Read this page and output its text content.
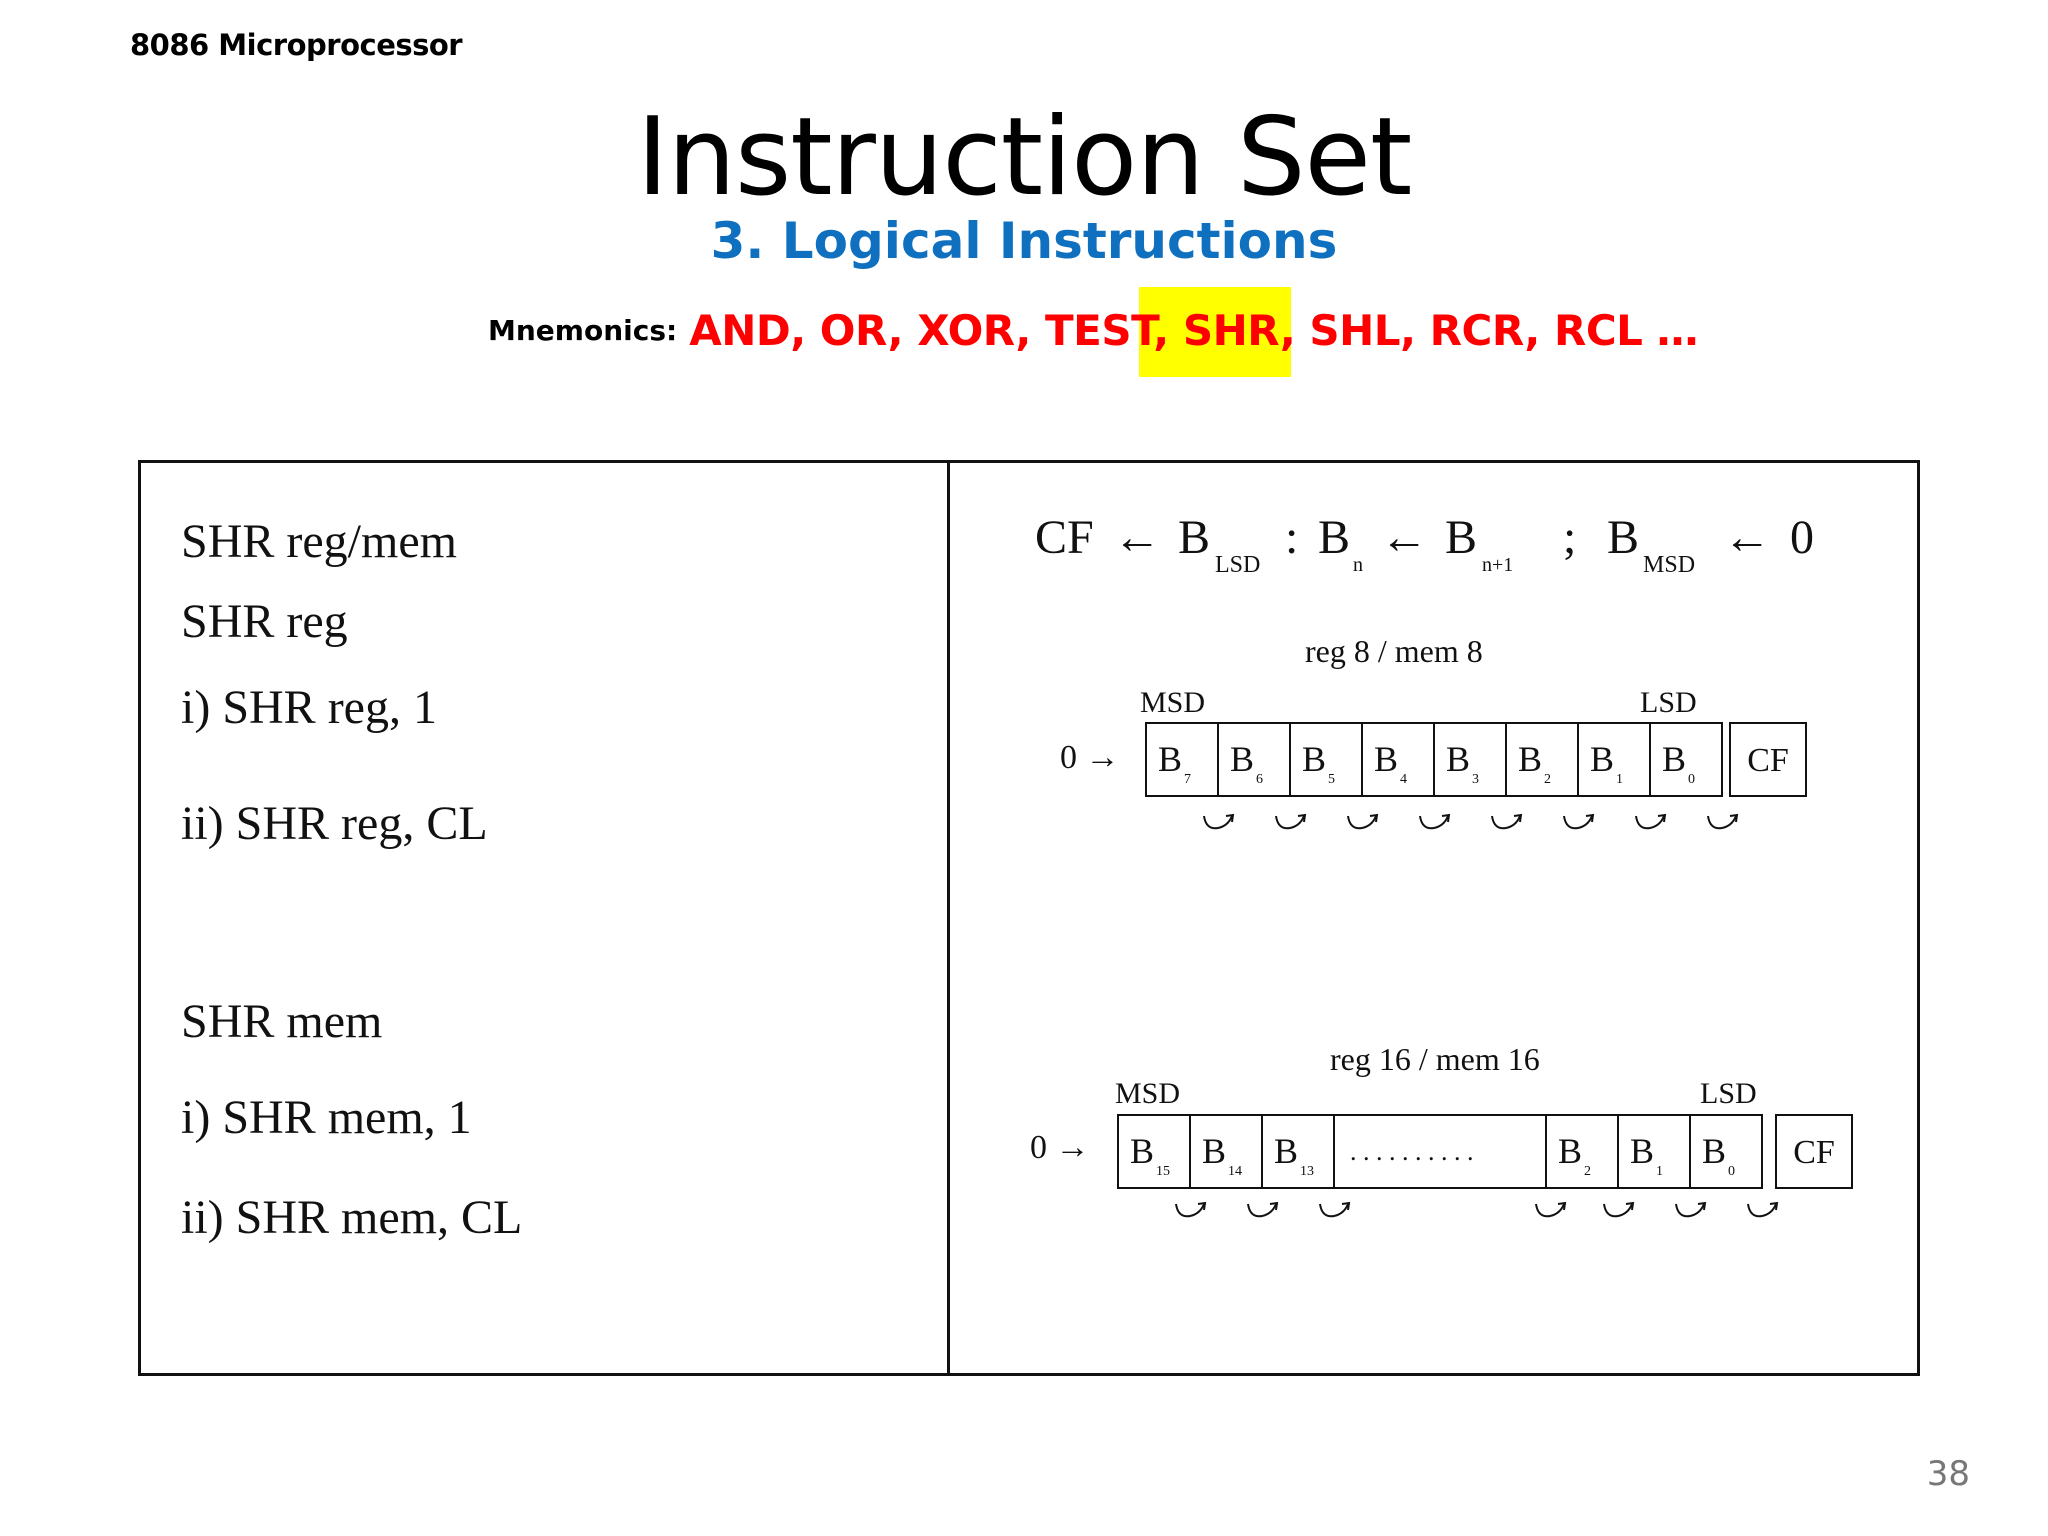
8086 Microprocessor
Instruction Set
3. Logical Instructions
Mnemonics: AND, OR, XOR, TEST, SHR, SHL, RCR, RCL …
SHR reg/mem
SHR reg
i) SHR reg, 1
ii) SHR reg, CL
SHR mem
i) SHR mem, 1
ii) SHR mem, CL
CF ← B
LSD
: B
n
← B
n+1
; B
MSD
← 0
reg 8 / mem 8
MSD	LSD
0 → B
7
B
6
B
5
B
4
B
3
B
2
B
1
B
0
CF
reg 16 / mem 16
MSD	LSD
0 → B
15
B
14
B
13
. . . . . . . . . . B
2
B
1
B
0
CF
38
